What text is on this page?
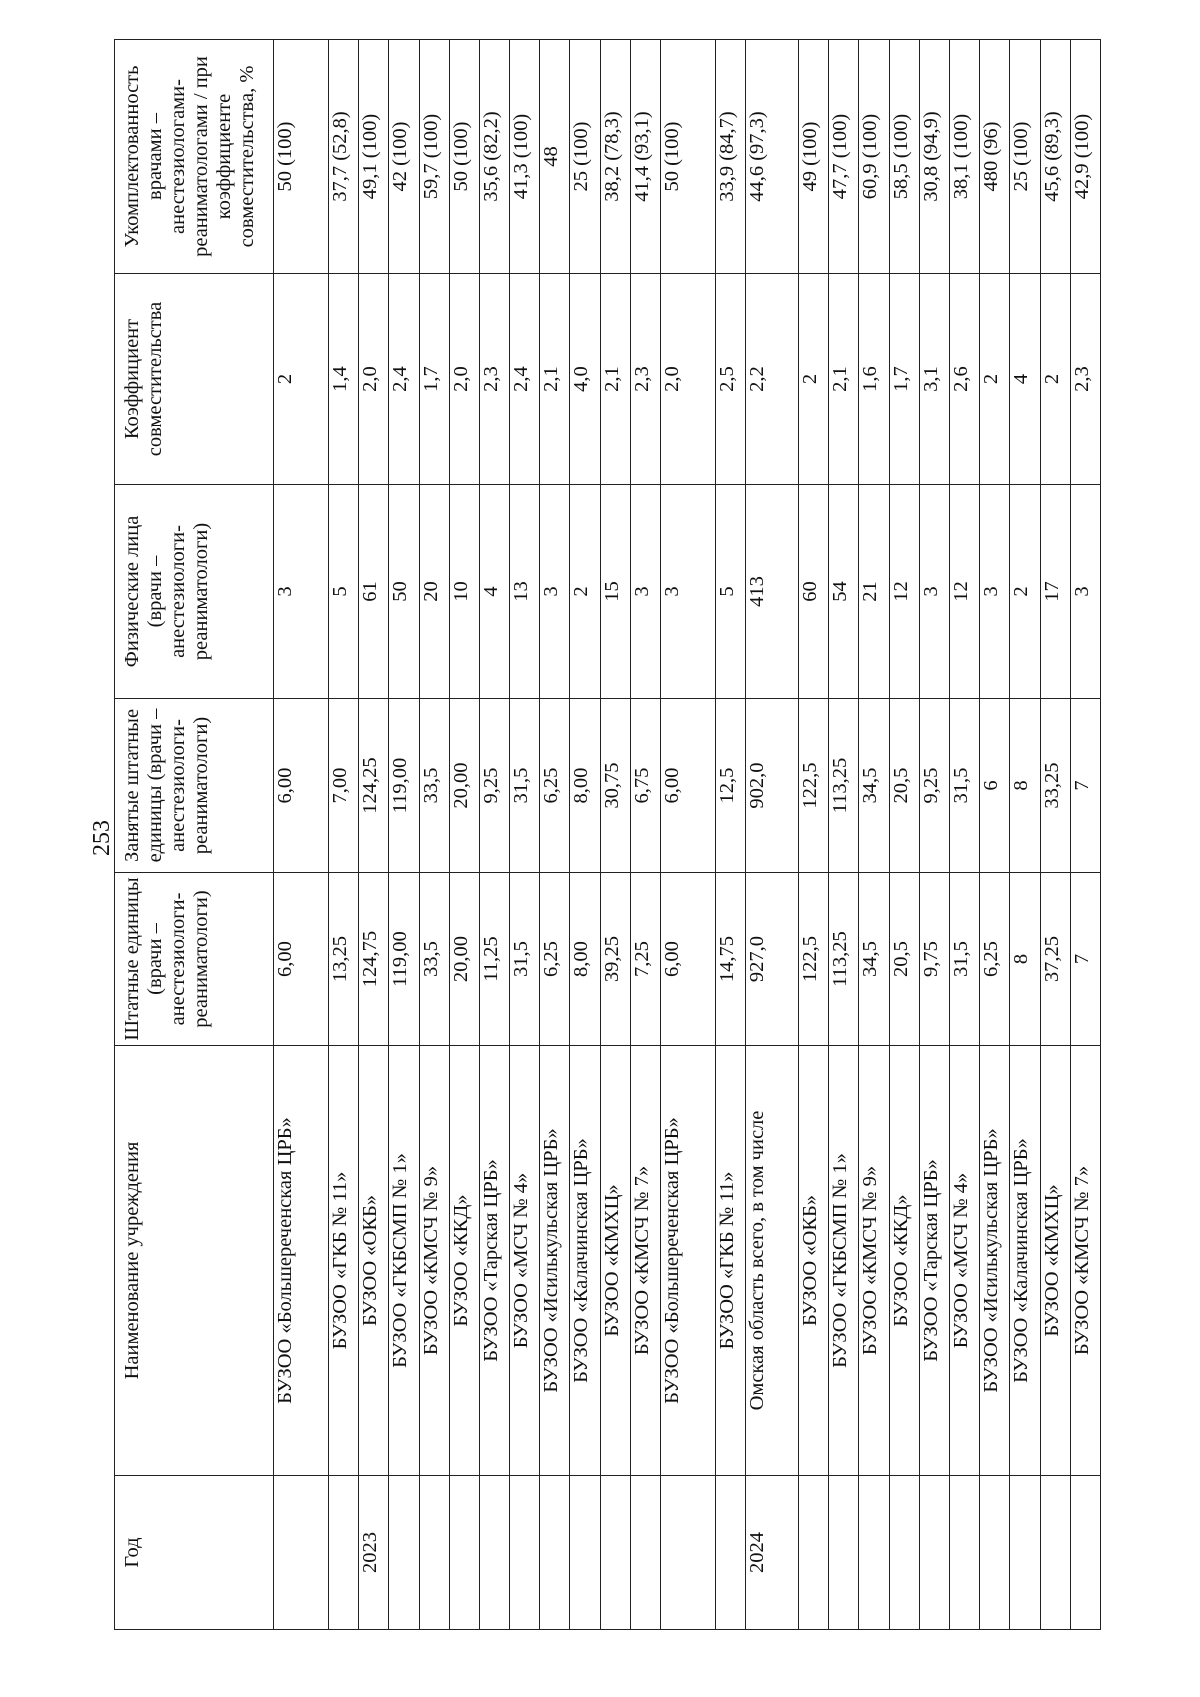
253
Год	Наименование учреждения	Штатные единицы (врачи – анестезиологи-реаниматологи)	Занятые штатные единицы (врачи – анестезиологи-реаниматологи)	Физические лица (врачи – анестезиологи-реаниматологи)	Коэффициент совместительства	Укомплектованность врачами – анестезиологами-реаниматологами / при коэффициенте совместительства, %
	БУЗОО «Большереченская ЦРБ»	6,00	6,00	3	2	50 (100)
	БУЗОО «ГКБ № 11»	13,25	7,00	5	1,4	37,7 (52,8)
2023	БУЗОО «ОКБ»	124,75	124,25	61	2,0	49,1 (100)
	БУЗОО «ГКБСМП № 1»	119,00	119,00	50	2,4	42 (100)
	БУЗОО «КМСЧ № 9»	33,5	33,5	20	1,7	59,7 (100)
	БУЗОО «ККД»	20,00	20,00	10	2,0	50 (100)
	БУЗОО «Тарская ЦРБ»	11,25	9,25	4	2,3	35,6 (82,2)
	БУЗОО «МСЧ № 4»	31,5	31,5	13	2,4	41,3 (100)
	БУЗОО «Исилькульская ЦРБ»	6,25	6,25	3	2,1	48
	БУЗОО «Калачинская ЦРБ»	8,00	8,00	2	4,0	25 (100)
	БУЗОО «КМХЦ»	39,25	30,75	15	2,1	38,2 (78,3)
	БУЗОО «КМСЧ № 7»	7,25	6,75	3	2,3	41,4 (93,1)
	БУЗОО «Большереченская ЦРБ»	6,00	6,00	3	2,0	50 (100)
	БУЗОО «ГКБ № 11»	14,75	12,5	5	2,5	33,9 (84,7)
2024	Омская область всего, в том числе	927,0	902,0	413	2,2	44,6 (97,3)
	БУЗОО «ОКБ»	122,5	122,5	60	2	49 (100)
	БУЗОО «ГКБСМП № 1»	113,25	113,25	54	2,1	47,7 (100)
	БУЗОО «КМСЧ № 9»	34,5	34,5	21	1,6	60,9 (100)
	БУЗОО «ККД»	20,5	20,5	12	1,7	58,5 (100)
	БУЗОО «Тарская ЦРБ»	9,75	9,25	3	3,1	30,8 (94,9)
	БУЗОО «МСЧ № 4»	31,5	31,5	12	2,6	38,1 (100)
	БУЗОО «Исилькульская ЦРБ»	6,25	6	3	2	480 (96)
	БУЗОО «Калачинская ЦРБ»	8	8	2	4	25 (100)
	БУЗОО «КМХЦ»	37,25	33,25	17	2	45,6 (89,3)
	БУЗОО «КМСЧ № 7»	7	7	3	2,3	42,9 (100)
